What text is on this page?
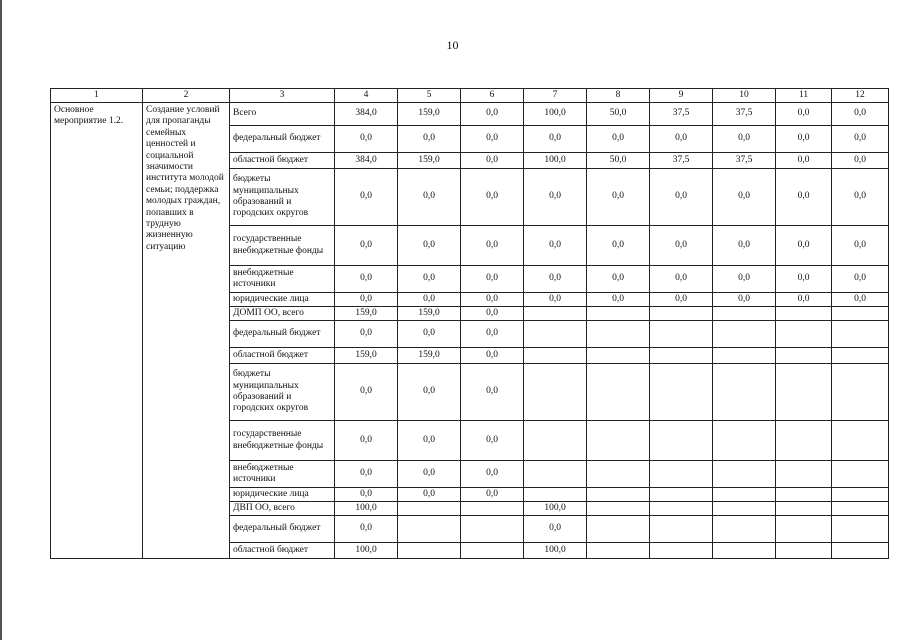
10
1	2	3	4	5	6	7	8	9	10	11	12
Основное мероприятие 1.2.	Создание условий для пропаганды семейных ценностей и социальной значимости института молодой семьи; поддержка молодых граждан, попавших в трудную жизненную ситуацию	Всего	384,0	159,0	0,0	100,0	50,0	37,5	37,5	0,0	0,0
		федеральный бюджет	0,0	0,0	0,0	0,0	0,0	0,0	0,0	0,0	0,0
		областной бюджет	384,0	159,0	0,0	100,0	50,0	37,5	37,5	0,0	0,0
		бюджеты муниципальных образований и городских округов	0,0	0,0	0,0	0,0	0,0	0,0	0,0	0,0	0,0
		государственные внебюджетные фонды	0,0	0,0	0,0	0,0	0,0	0,0	0,0	0,0	0,0
		внебюджетные источники	0,0	0,0	0,0	0,0	0,0	0,0	0,0	0,0	0,0
		юридические лица	0,0	0,0	0,0	0,0	0,0	0,0	0,0	0,0	0,0
		ДОМП ОО, всего	159,0	159,0	0,0						
		федеральный бюджет	0,0	0,0	0,0						
		областной бюджет	159,0	159,0	0,0						
		бюджеты муниципальных образований и городских округов	0,0	0,0	0,0						
		государственные внебюджетные фонды	0,0	0,0	0,0						
		внебюджетные источники	0,0	0,0	0,0						
		юридические лица	0,0	0,0	0,0						
		ДВП ОО, всего	100,0			100,0					
		федеральный бюджет	0,0			0,0					
		областной бюджет	100,0			100,0					
